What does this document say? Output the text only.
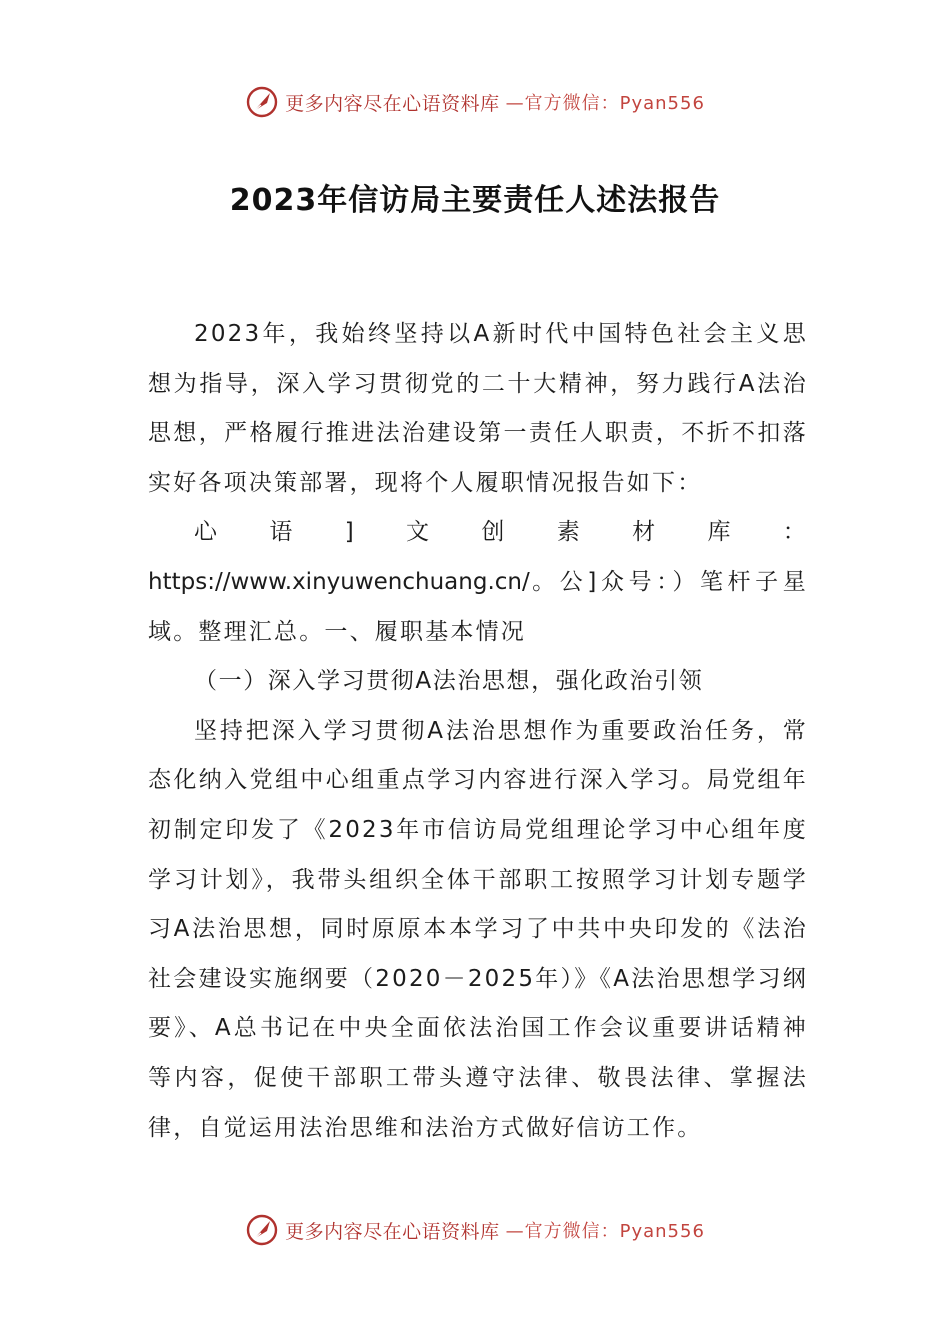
更多内容尽在心语资料库 —官方微信：Pyan556
2023年信访局主要责任人述法报告

2023年，我始终坚持以A新时代中国特色社会主义思想为指导，深入学习贯彻党的二十大精神，努力践行A法治思想，严格履行推进法治建设第一责任人职责，不折不扣落实好各项决策部署，现将个人履职情况报告如下：

心语]文创素材库：https://www.xinyuwenchuang.cn/。公]众号：）笔杆子星域。整理汇总。一、履职基本情况

（一）深入学习贯彻A法治思想，强化政治引领

坚持把深入学习贯彻A法治思想作为重要政治任务，常态化纳入党组中心组重点学习内容进行深入学习。局党组年初制定印发了《2023年市信访局党组理论学习中心组年度学习计划》，我带头组织全体干部职工按照学习计划专题学习A法治思想，同时原原本本学习了中共中央印发的《法治社会建设实施纲要（2020－2025年）》《A法治思想学习纲要》、A总书记在中央全面依法治国工作会议重要讲话精神等内容，促使干部职工带头遵守法律、敬畏法律、掌握法律，自觉运用法治思维和法治方式做好信访工作。

更多内容尽在心语资料库 —官方微信：Pyan556
